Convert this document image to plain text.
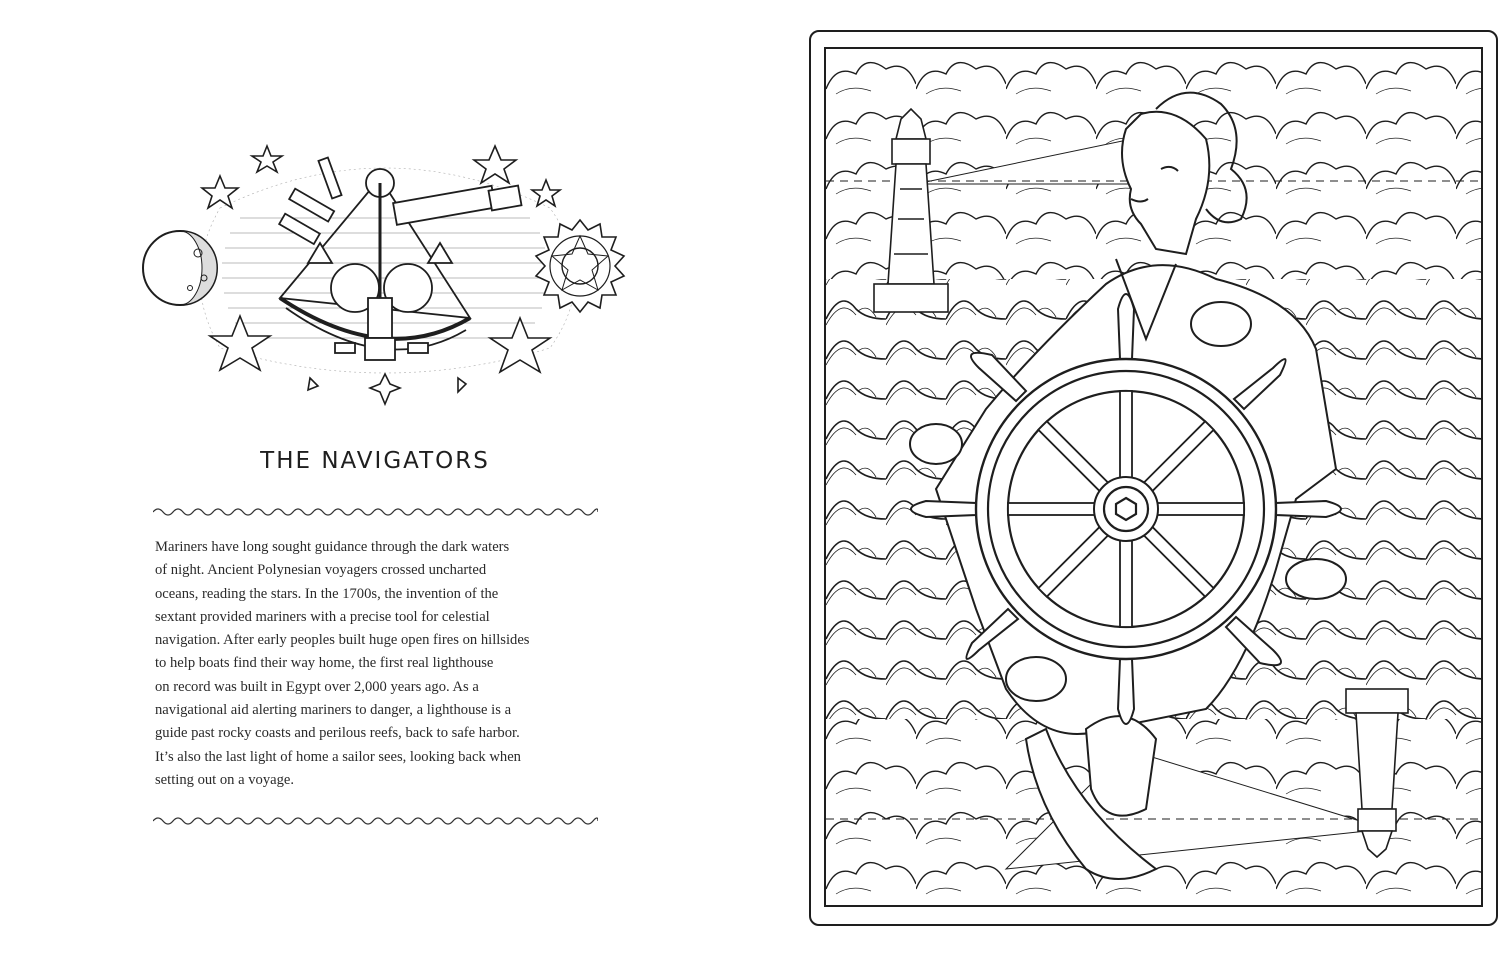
THE NAVIGATORS
Mariners have long sought guidance through the dark waters
of night. Ancient Polynesian voyagers crossed uncharted
oceans, reading the stars. In the 1700s, the invention of the
sextant provided mariners with a precise tool for celestial
navigation. After early peoples built huge open fires on hillsides
to help boats find their way home, the first real lighthouse
on record was built in Egypt over 2,000 years ago. As a
navigational aid alerting mariners to danger, a lighthouse is a
guide past rocky coasts and perilous reefs, back to safe harbor.
It’s also the last light of home a sailor sees, looking back when
setting out on a voyage.
